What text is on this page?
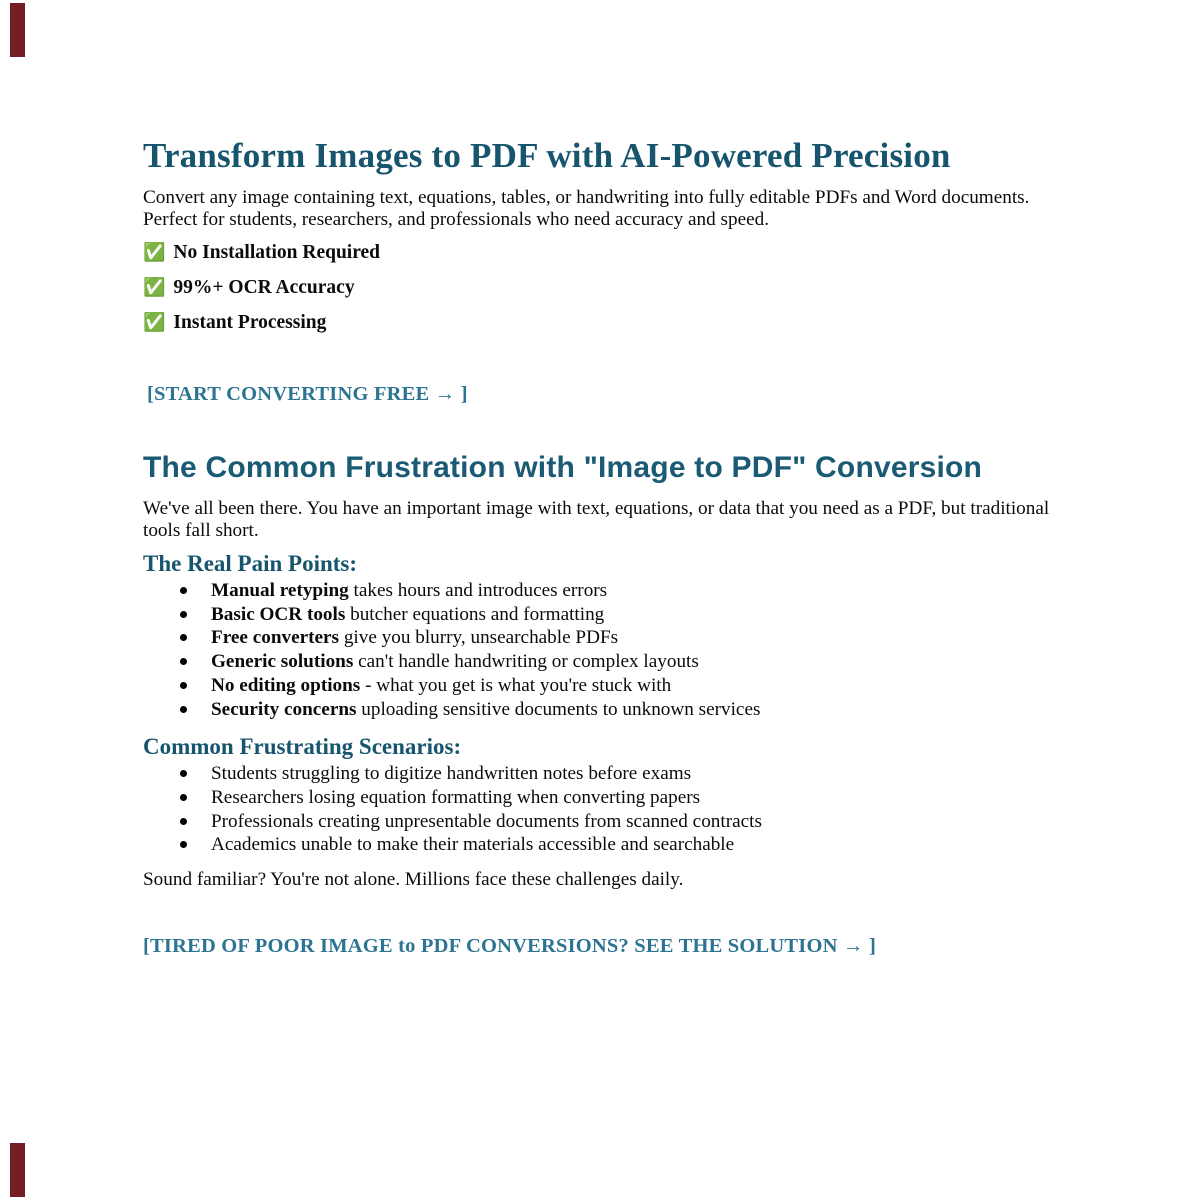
Transform Images to PDF with AI-Powered Precision

Convert any image containing text, equations, tables, or handwriting into fully editable PDFs and Word documents. Perfect for students, researchers, and professionals who need accuracy and speed.

✅ No Installation Required
✅ 99%+ OCR Accuracy
✅ Instant Processing
[START CONVERTING FREE → ]
The Common Frustration with "Image to PDF" Conversion

We've all been there. You have an important image with text, equations, or data that you need as a PDF, but traditional tools fall short.

The Real Pain Points:
Manual retyping takes hours and introduces errors
Basic OCR tools butcher equations and formatting
Free converters give you blurry, unsearchable PDFs
Generic solutions can't handle handwriting or complex layouts
No editing options - what you get is what you're stuck with
Security concerns uploading sensitive documents to unknown services
Common Frustrating Scenarios:
Students struggling to digitize handwritten notes before exams
Researchers losing equation formatting when converting papers
Professionals creating unpresentable documents from scanned contracts
Academics unable to make their materials accessible and searchable

Sound familiar? You're not alone. Millions face these challenges daily.

[TIRED OF POOR IMAGE to PDF CONVERSIONS? SEE THE SOLUTION → ]
